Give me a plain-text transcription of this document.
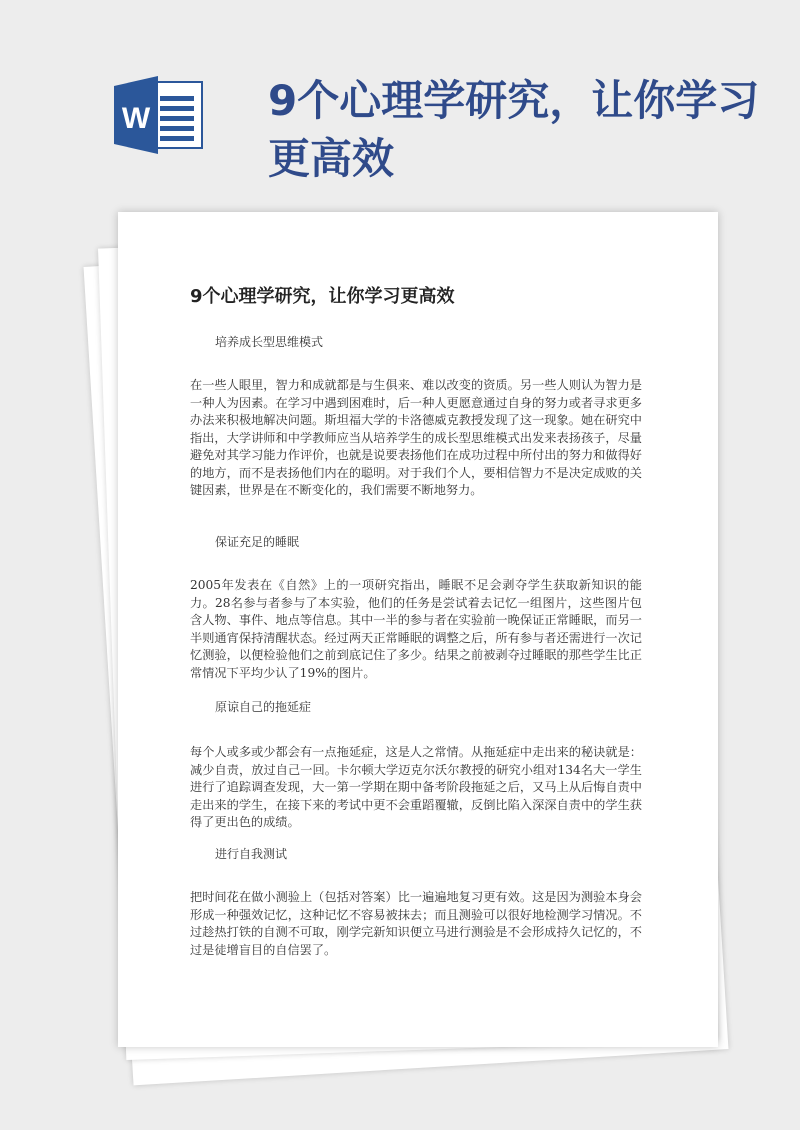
W	9个心理学研究，让你学习更高效
9个心理学研究，让你学习更高效
培养成长型思维模式
在一些人眼里，智力和成就都是与生俱来、难以改变的资质。另一些人则认为智力是一种人为因素。在学习中遇到困难时，后一种人更愿意通过自身的努力或者寻求更多办法来积极地解决问题。斯坦福大学的卡洛德威克教授发现了这一现象。她在研究中指出，大学讲师和中学教师应当从培养学生的成长型思维模式出发来表扬孩子，尽量避免对其学习能力作评价，也就是说要表扬他们在成功过程中所付出的努力和做得好的地方，而不是表扬他们内在的聪明。对于我们个人，要相信智力不是决定成败的关键因素，世界是在不断变化的，我们需要不断地努力。
保证充足的睡眠
2005年发表在《自然》上的一项研究指出，睡眠不足会剥夺学生获取新知识的能力。28名参与者参与了本实验，他们的任务是尝试着去记忆一组图片，这些图片包含人物、事件、地点等信息。其中一半的参与者在实验前一晚保证正常睡眠，而另一半则通宵保持清醒状态。经过两天正常睡眠的调整之后，所有参与者还需进行一次记忆测验，以便检验他们之前到底记住了多少。结果之前被剥夺过睡眠的那些学生比正常情况下平均少认了19%的图片。
原谅自己的拖延症
每个人或多或少都会有一点拖延症，这是人之常情。从拖延症中走出来的秘诀就是：减少自责，放过自己一回。卡尔顿大学迈克尔沃尔教授的研究小组对134名大一学生进行了追踪调查发现，大一第一学期在期中备考阶段拖延之后，又马上从后悔自责中走出来的学生，在接下来的考试中更不会重蹈覆辙，反倒比陷入深深自责中的学生获得了更出色的成绩。
进行自我测试
把时间花在做小测验上（包括对答案）比一遍遍地复习更有效。这是因为测验本身会形成一种强效记忆，这种记忆不容易被抹去；而且测验可以很好地检测学习情况。不过趁热打铁的自测不可取，刚学完新知识便立马进行测验是不会形成持久记忆的，不过是徒增盲目的自信罢了。
